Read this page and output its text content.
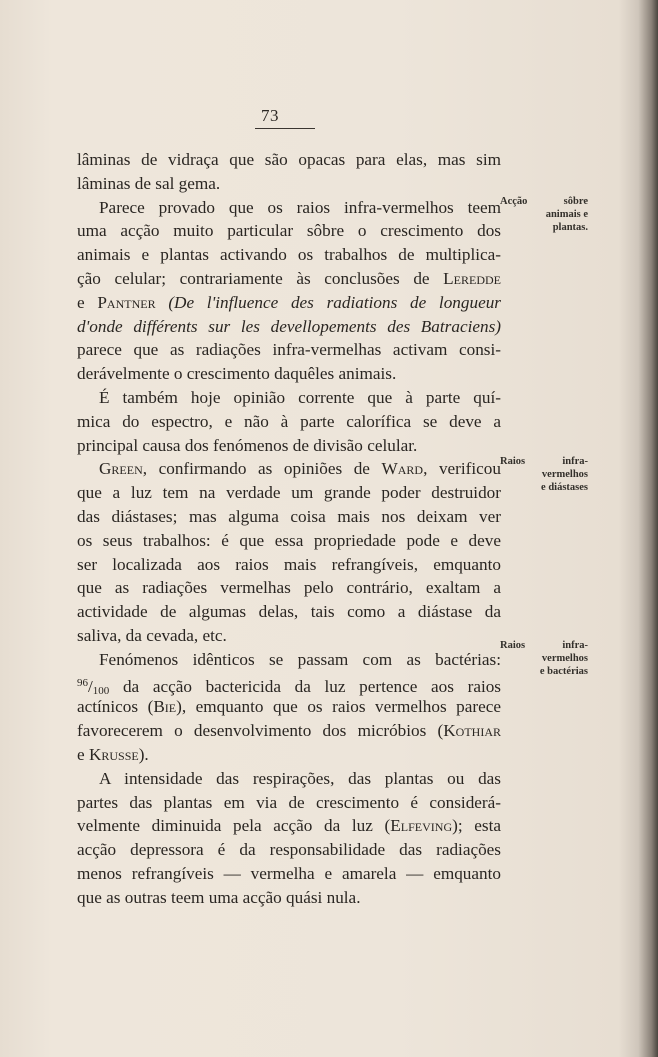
73
lâminas de vidraça que são opacas para elas, mas sim
lâminas de sal gema.
Parece provado que os raios infra-vermelhos teem
uma acção muito particular sôbre o crescimento dos
animais e plantas activando os trabalhos de multiplica-
ção celular; contrariamente às conclusões de Leredde
e Pantner (De l'influence des radiations de longueur
d'onde différents sur les devellopements des Batraciens)
parece que as radiações infra-vermelhas activam consi-
derávelmente o crescimento daquêles animais.
É também hoje opinião corrente que à parte quí-
mica do espectro, e não à parte calorífica se deve a
principal causa dos fenómenos de divisão celular.
Green, confirmando as opiniões de Ward, verificou
que a luz tem na verdade um grande poder destruidor
das diástases; mas alguma coisa mais nos deixam ver
os seus trabalhos: é que essa propriedade pode e deve
ser localizada aos raios mais refrangíveis, emquanto
que as radiações vermelhas pelo contrário, exaltam a
actividade de algumas delas, tais como a diástase da
saliva, da cevada, etc.
Fenómenos idênticos se passam com as bactérias:
$^{96}$/100 da acção bactericida da luz pertence aos raios
actínicos (Bie), emquanto que os raios vermelhos parece
favorecerem o desenvolvimento dos micróbios (Kothiar
e Krusse).
A intensidade das respirações, das plantas ou das
partes das plantas em via de crescimento é considerá-
velmente diminuida pela acção da luz (Elfeving); esta
acção depressora é da responsabilidade das radiações
menos refrangíveis — vermelha e amarela — emquanto
que as outras teem uma acção quási nula.
Acção sôbre
animais e
plantas.
Raios infra-
vermelhos
e diástases
Raios infra-
vermelhos
e bactérias
